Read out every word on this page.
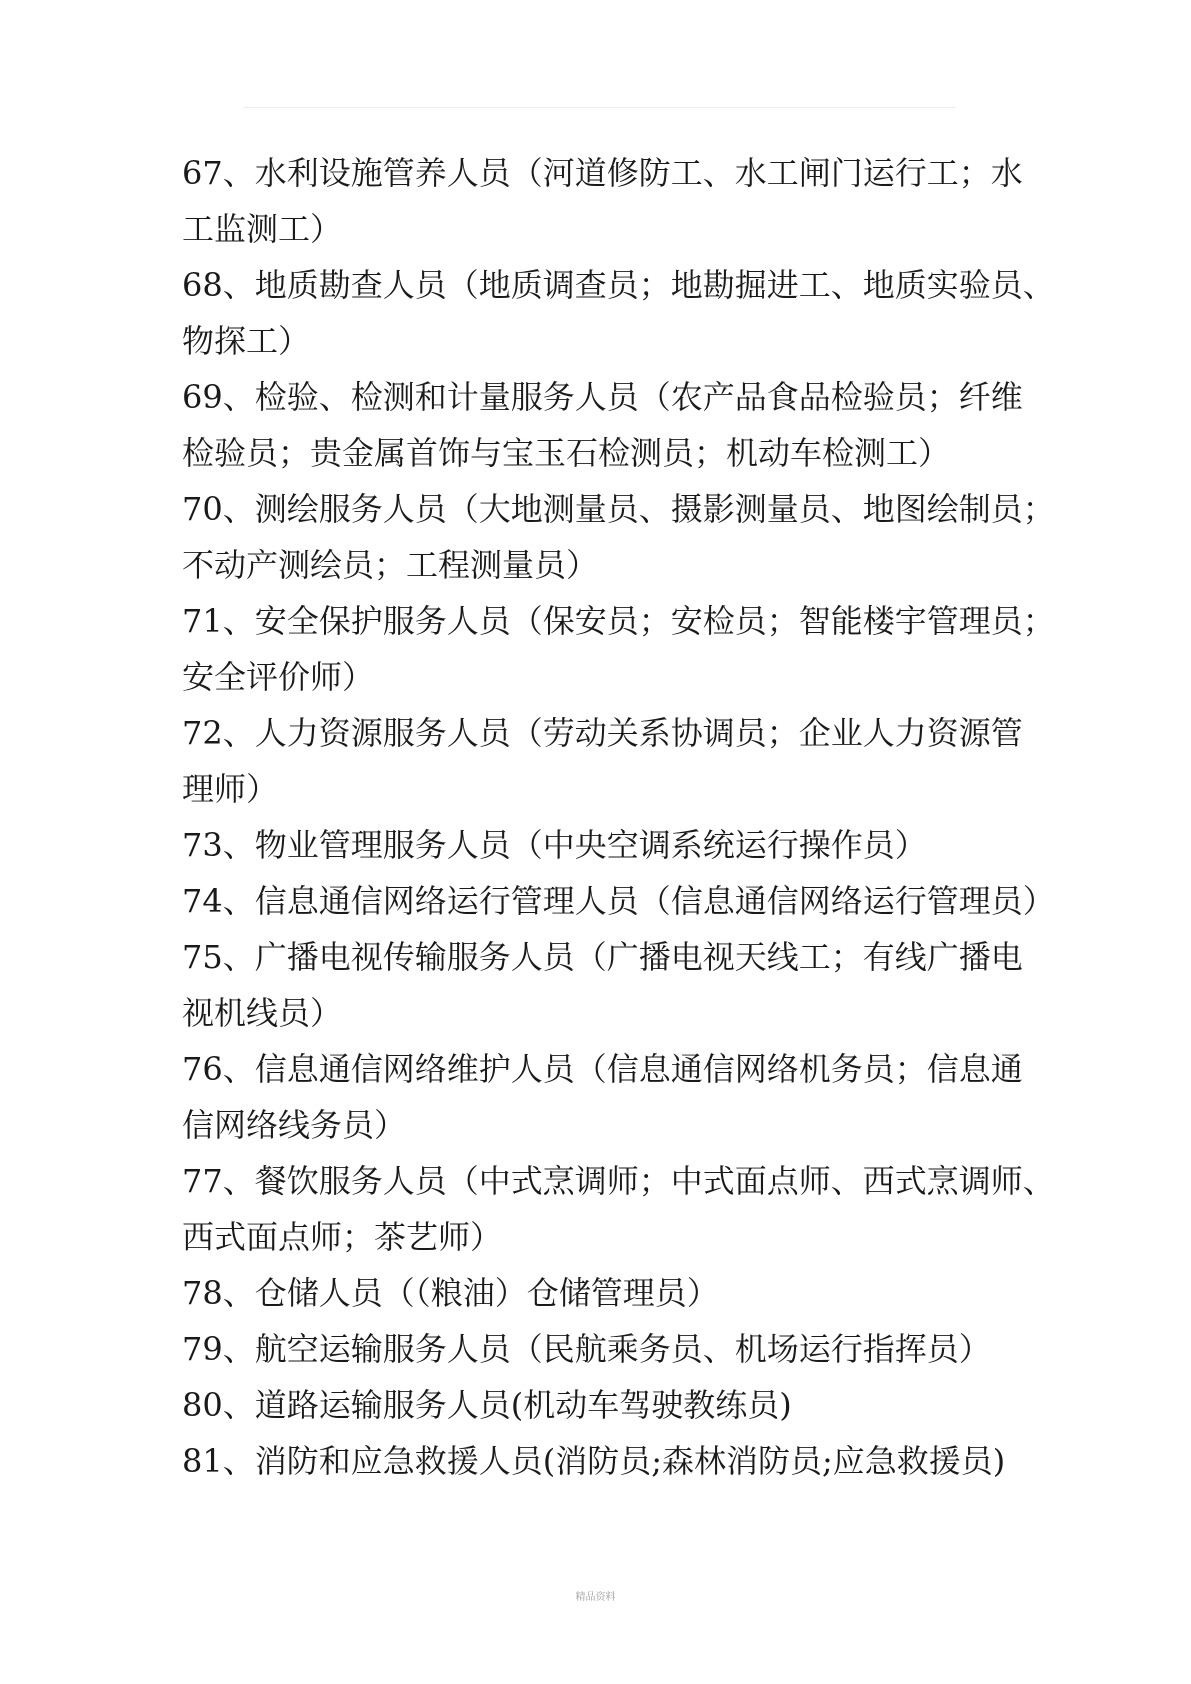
67、水利设施管养人员（河道修防工、水工闸门运行工；水

工监测工）

68、地质勘查人员（地质调查员；地勘掘进工、地质实验员、

物探工）

69、检验、检测和计量服务人员（农产品食品检验员；纤维

检验员；贵金属首饰与宝玉石检测员；机动车检测工）

70、测绘服务人员（大地测量员、摄影测量员、地图绘制员；

不动产测绘员；工程测量员）

71、安全保护服务人员（保安员；安检员；智能楼宇管理员；

安全评价师）

72、人力资源服务人员（劳动关系协调员；企业人力资源管

理师）

73、物业管理服务人员（中央空调系统运行操作员）

74、信息通信网络运行管理人员（信息通信网络运行管理员）

75、广播电视传输服务人员（广播电视天线工；有线广播电

视机线员）

76、信息通信网络维护人员（信息通信网络机务员；信息通

信网络线务员）

77、餐饮服务人员（中式烹调师；中式面点师、西式烹调师、

西式面点师；茶艺师）

78、仓储人员（（粮油）仓储管理员）

79、航空运输服务人员（民航乘务员、机场运行指挥员）

80、道路运输服务人员(机动车驾驶教练员)

81、消防和应急救援人员(消防员;森林消防员;应急救援员)

精品资料
